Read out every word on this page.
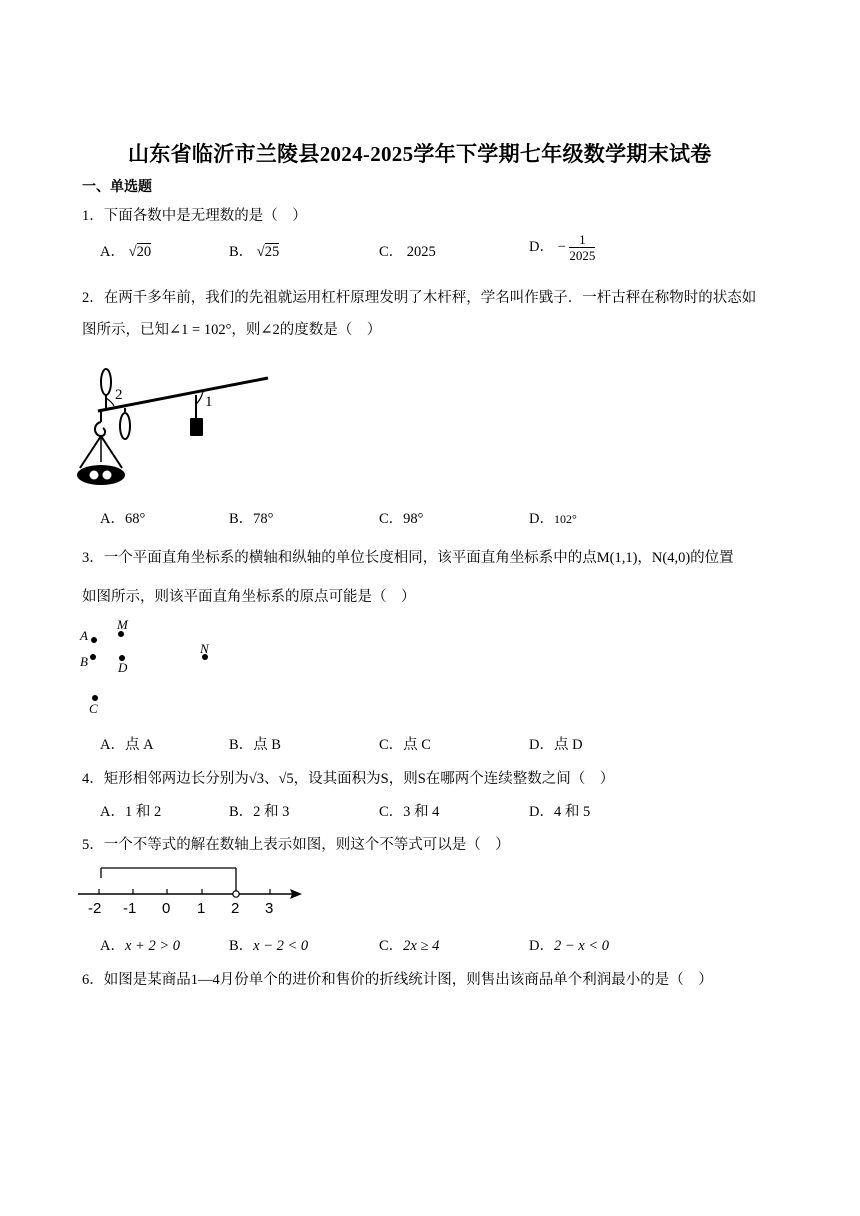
山东省临沂市兰陵县2024-2025学年下学期七年级数学期末试卷
一、单选题
1．下面各数中是无理数的是（　）
A． √20	B． √25	C． 2025	D． − $\frac{1}{2025}$
2．在两千多年前，我们的先祖就运用杠杆原理发明了木杆秤，学名叫作戥子．一杆古秤在称物时的状态如
图所示，已知∠1 = 102°，则∠2的度数是（　）
2	1
A．68°	B．78°	C．98°	D．102°
3．一个平面直角坐标系的横轴和纵轴的单位长度相同，该平面直角坐标系中的点M(1,1)，N(4,0)的位置
如图所示，则该平面直角坐标系的原点可能是（　）
A
M
B D
N
C
A．点 A	B．点 B	C．点 C	D．点 D
4．矩形相邻两边长分别为√3、√5，设其面积为S，则S在哪两个连续整数之间（　）
A．1 和 2	B．2 和 3	C．3 和 4	D．4 和 5
5．一个不等式的解在数轴上表示如图，则这个不等式可以是（　）
-2 -1 0 1 2 3
A．x + 2 > 0	B．x − 2 < 0	C．2x ≥ 4	D．2 − x < 0
6．如图是某商品1—4月份单个的进价和售价的折线统计图，则售出该商品单个利润最小的是（　）
